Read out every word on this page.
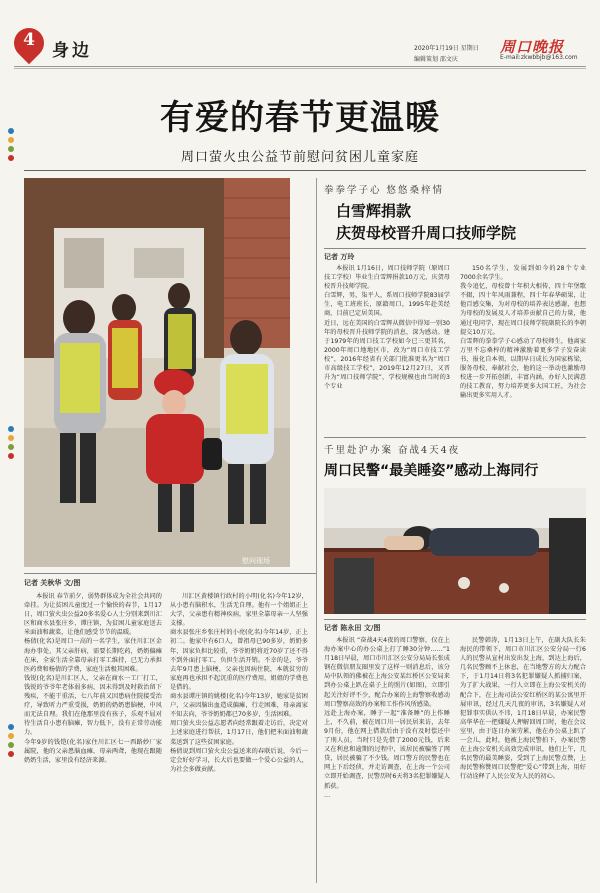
4
身边	2020年1月19日 星期日
编辑策划 邵文庆
周口晚报
E-mail:zkwbbjb@163.com
有爱的春节更温暖
周口萤火虫公益节前慰问贫困儿童家庭
慰问现场
记者 关秋华 文/图

本报讯 春节前夕，弱势群体成为全社会共同的牵挂。为让贫困儿童度过一个愉快的春节，1月17日，周口萤火虫公益20多名爱心人士分别来到川汇区和商水县张庄乡、谭庄镇，为贫困儿童家庭送去米面油和蔬菜，让他们感受节节的温暖。
杨倩(化名)是周口一高的一名学生，家住川汇区金海办事处，其父亲肝病，需要长期吃药，奶奶偏瘫在床，全家生活全靠母亲打零工维持，已无力承担医药费和杨倩的学费，家庭生活极其困难。
钱锐(化名)是川汇区人，父亲在商水一工厂打工，钱锐的爷爷年老体弱多病，因未得到及时救治留下残疾，不能干重活，七八年前又因患病住院接受治疗，导致听力严重受损，奶奶的奶奶患脑梗，中风而无法自理。我们在他那里没有孩子，乐观不屈对待生活自小患有脑瘫，智力低下，没有正常劳动能力。
今年9岁的钱铠(化名)家住川汇区七一西路妙厂家属院，他的父亲患脑血瘫，母亲两聋，他现在跟随奶奶生活，家里没有经济来源。

川汇区黄楼镇行政村的小明(化名)今年12岁，从小患有脑积水，生活无自理。他有一个姐姐正上大学，父亲患有精神疾病，家里全靠母亲一人坚强支撑。
商水县张庄乡张庄村的小亮(化名)今年14岁，正上初二。他家中有6口人，曾祖母已90多岁，奶奶多年，因家负担比较重，爷爷奶奶将近70岁了还不得不到外面打零工，负担生活开销。不幸的是，爷爷去年9月患上脑梗，父亲也因病住院，本就贫穷的家庭再也承担不起沉重的医疗费用，姐姐的学费也是借的。
商水县谭庄镇的姚楼(化名)今年13岁，她家是贫困户，父亲因脑出血造成偏瘫，行走困难，母亲离家不知去向，爷爷奶奶都已70多岁，生活困难。
周口萤火虫公益志愿者向经常跟着走访后，决定对上述家庭进行帮扶，1月17日，他们把米面油和蔬菜送到了这些贫困家庭。
杨倩说到周口萤火虫公益送来的春联后说，今后一定会好好学习，长大后也要做一个爱心公益的人，为社会多做贡献。

拳拳学子心 悠悠桑梓情
白雪辉捐款
庆贺母校晋升周口技师学院
记者 万玲

本报讯 1月16日，周口技师学院（原周口技工学校）毕业生白雪辉捐款10万元，庆贺母校晋升技师学院。
白雪辉，男，柒平人，系周口技师学院83届学生，电工班班长，原籍周口，1995年赴美经商，目前已定居美国。
近日，远在美国的白雪辉从微信中得知一别30年的母校晋升技师学院的消息，深为感动。建于1979年的周口技工学校如今已三更其名，2000年周口地地区市，改为“周口市技工学校”，2016年经省有关部门批准更名为“周口市高级技工学校”，2019年12月27日，又晋升为“周口技师学院”，学校规模也由当时的3个专业

150名学生，发展到如今的28个专业7000余名学生。
我今追忆，母校曾十年积大相传，四十年堡歌不辍，四十年风雨兼程，四十年春华硕果，让他百感交集，为对母校的培养表达感谢，也想为母校的发展及人才培养贡献自己的力量，他通过电同学，现在周口技师学院副院长的李朝提交10万元。
白雪辉的拳拳学子心感动了母校师生，他离家万里不忘桑梓的精神激励着更多学子发奋读书，报化自本领，以期早日成长为国家栋梁，服务母校、奉献社会，他的这一举动也激励母校进一步开拓创新，丰富内涵，办好人民满意的技工教育，努力培养更多大国工匠，为社会输出更多实用人才。

千里赴沪办案 奋战4天4夜
周口民警“最美睡姿”感动上海同行
记者 陈永田 文/图

本报讯 “奋战4天4夜的周口警察，仅在上海办案中心的办公桌上打了睡30分钟……”1月18日早晨，周口市川汇区公安分局局长张成钢在微信朋友圈里发了这样一则消息后，该分局中队领的佛被在上海公安某红桥区公安局来到办公桌上趴在桌子上的照片(如图)，立即引起关注好评不少，配合办案的上海警察收感动周口警察高效的办案和工作作风所感染。
远赴上海办案，睡于一起“准备睡”的上作睡上，不久前，被在周口川一居民居来访，去年9月份，他在网上借款后由于没有及时偿还中了刑人员，当时只是先借了2000元钱，后来又在利息和逾期的过程中，该居民被骗签了网贷，居民被骗了不少钱。周口警方的民警也在网上下后经侦，并走访调查，在上海一个公司立即开始调查，民警历时6天将3名犯罪嫌疑人抓获。
…

民警韩涛，1月13日上午，在副大队长朱海民的带领下，周口市川汇区公安分局一行6人的民警从宣村出发出发上海，到达上海后，几名民警顾不上休息，在当地警方的大力配合下，于1月14日将3名犯罪嫌疑人抓捕归案，为了扩大战果，一行人立即在上海公安机关的配合下，在上海司法公安红桥区的某公寓里开展审讯，经过几天几夜的审讯，3名嫌疑人对犯罪事实供认不讳，1月18日早晨，办案民警高华华在一把嫌疑人押解回周口时，他在会议室里，由于连日办案劳累，他在办公桌上趴了一会儿，此时，他被上海民警拍下，办案民警在上海公安机关高效完成审讯，他们上午，几名民警的最美睡姿，受到了上海民警点赞，上海民警称赞周口民警把“爱心”带到上海，用好行动诠释了人民公安为人民的初心。
